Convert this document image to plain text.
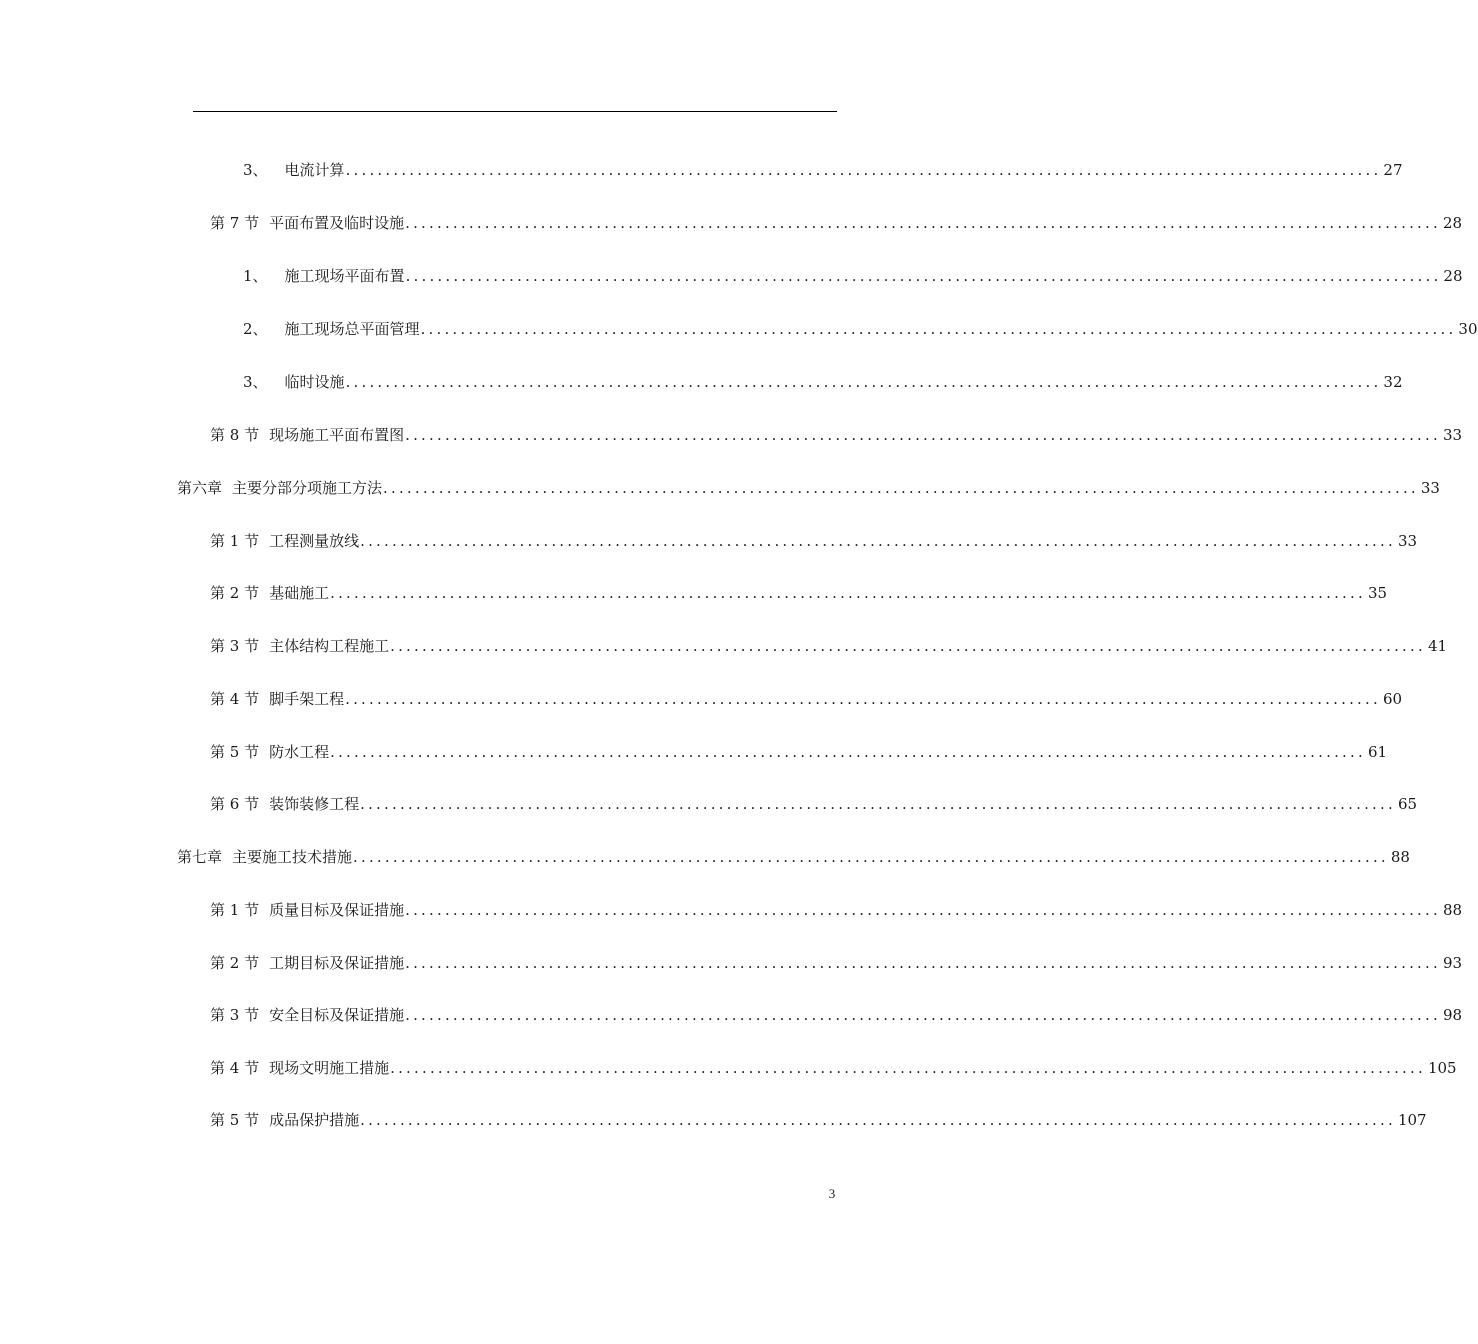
3、 电流计算 .................................................................................................................................. 27
第 7 节 平面布置及临时设施 .................................................................................................................................. 28
1、 施工现场平面布置 .................................................................................................................................. 28
2、 施工现场总平面管理 .................................................................................................................................. 30
3、 临时设施 .................................................................................................................................. 32
第 8 节 现场施工平面布置图 .................................................................................................................................. 33
第六章 主要分部分项施工方法 .................................................................................................................................. 33
第 1 节 工程测量放线 .................................................................................................................................. 33
第 2 节 基础施工 .................................................................................................................................. 35
第 3 节 主体结构工程施工 .................................................................................................................................. 41
第 4 节 脚手架工程 .................................................................................................................................. 60
第 5 节 防水工程 .................................................................................................................................. 61
第 6 节 装饰装修工程 .................................................................................................................................. 65
第七章 主要施工技术措施 .................................................................................................................................. 88
第 1 节 质量目标及保证措施 .................................................................................................................................. 88
第 2 节 工期目标及保证措施 .................................................................................................................................. 93
第 3 节 安全目标及保证措施 .................................................................................................................................. 98
第 4 节 现场文明施工措施 .................................................................................................................................. 105
第 5 节 成品保护措施 .................................................................................................................................. 107
3
